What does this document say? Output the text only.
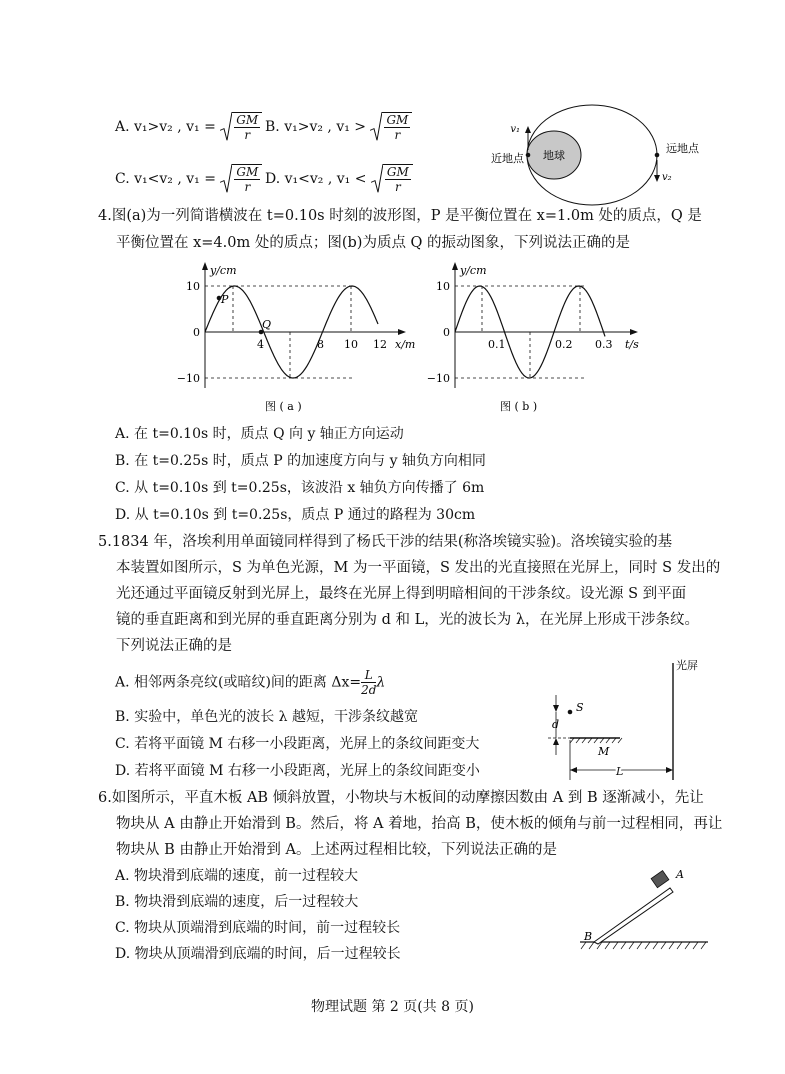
A. v₁>v₂ , $v_1 = \frac{GM}{r} B$. v₁>v₂ , $v_1 > \frac{GM}{r}$
C. v₁<v₂ , $v_1 = \frac{GM}{r} D$. v₁<v₂ , $v_1 < \frac{GM}{r}$
地球
v₁
v₂
近地点
远地点
4.图(a)为一列简谐横波在 t=0.10s 时刻的波形图，P 是平衡位置在 x=1.0m 处的质点，Q 是
平衡位置在 x=4.0m 处的质点；图(b)为质点 Q 的振动图象，下列说法正确的是
P
Q
y/cm
10
0
−10
4	8 10 12 x/m
图 ( a )
y/cm
10
0
−10
0.1	0.2 0.3 t/s
图 ( b )
A. 在 t=0.10s 时，质点 Q 向 y 轴正方向运动
B. 在 t=0.25s 时，质点 P 的加速度方向与 y 轴负方向相同
C. 从 t=0.10s 到 t=0.25s，该波沿 x 轴负方向传播了 6m
D. 从 t=0.10s 到 t=0.25s，质点 P 通过的路程为 30cm
5.1834 年，洛埃利用单面镜同样得到了杨氏干涉的结果(称洛埃镜实验)。洛埃镜实验的基
本装置如图所示，S 为单色光源，M 为一平面镜，S 发出的光直接照在光屏上，同时 S 发出的
光还通过平面镜反射到光屏上，最终在光屏上得到明暗相间的干涉条纹。设光源 S 到平面
镜的垂直距离和到光屏的垂直距离分别为 d 和 L，光的波长为 λ，在光屏上形成干涉条纹。
下列说法正确的是
A. 相邻两条亮纹(或暗纹)间的距离 $\Delta x= \frac{L}{2d}$ λ
B. 实验中，单色光的波长 λ 越短，干涉条纹越宽
C. 若将平面镜 M 右移一小段距离，光屏上的条纹间距变大
D. 若将平面镜 M 右移一小段距离，光屏上的条纹间距变小
光屏
S
d
M
L
6.如图所示，平直木板 AB 倾斜放置，小物块与木板间的动摩擦因数由 A 到 B 逐渐减小，先让
物块从 A 由静止开始滑到 B。然后，将 A 着地，抬高 B，使木板的倾角与前一过程相同，再让
物块从 B 由静止开始滑到 A。上述两过程相比较，下列说法正确的是
A. 物块滑到底端的速度，前一过程较大
B. 物块滑到底端的速度，后一过程较大
C. 物块从顶端滑到底端的时间，前一过程较长
D. 物块从顶端滑到底端的时间，后一过程较长
A
B
物理试题 第 2 页(共 8 页)
